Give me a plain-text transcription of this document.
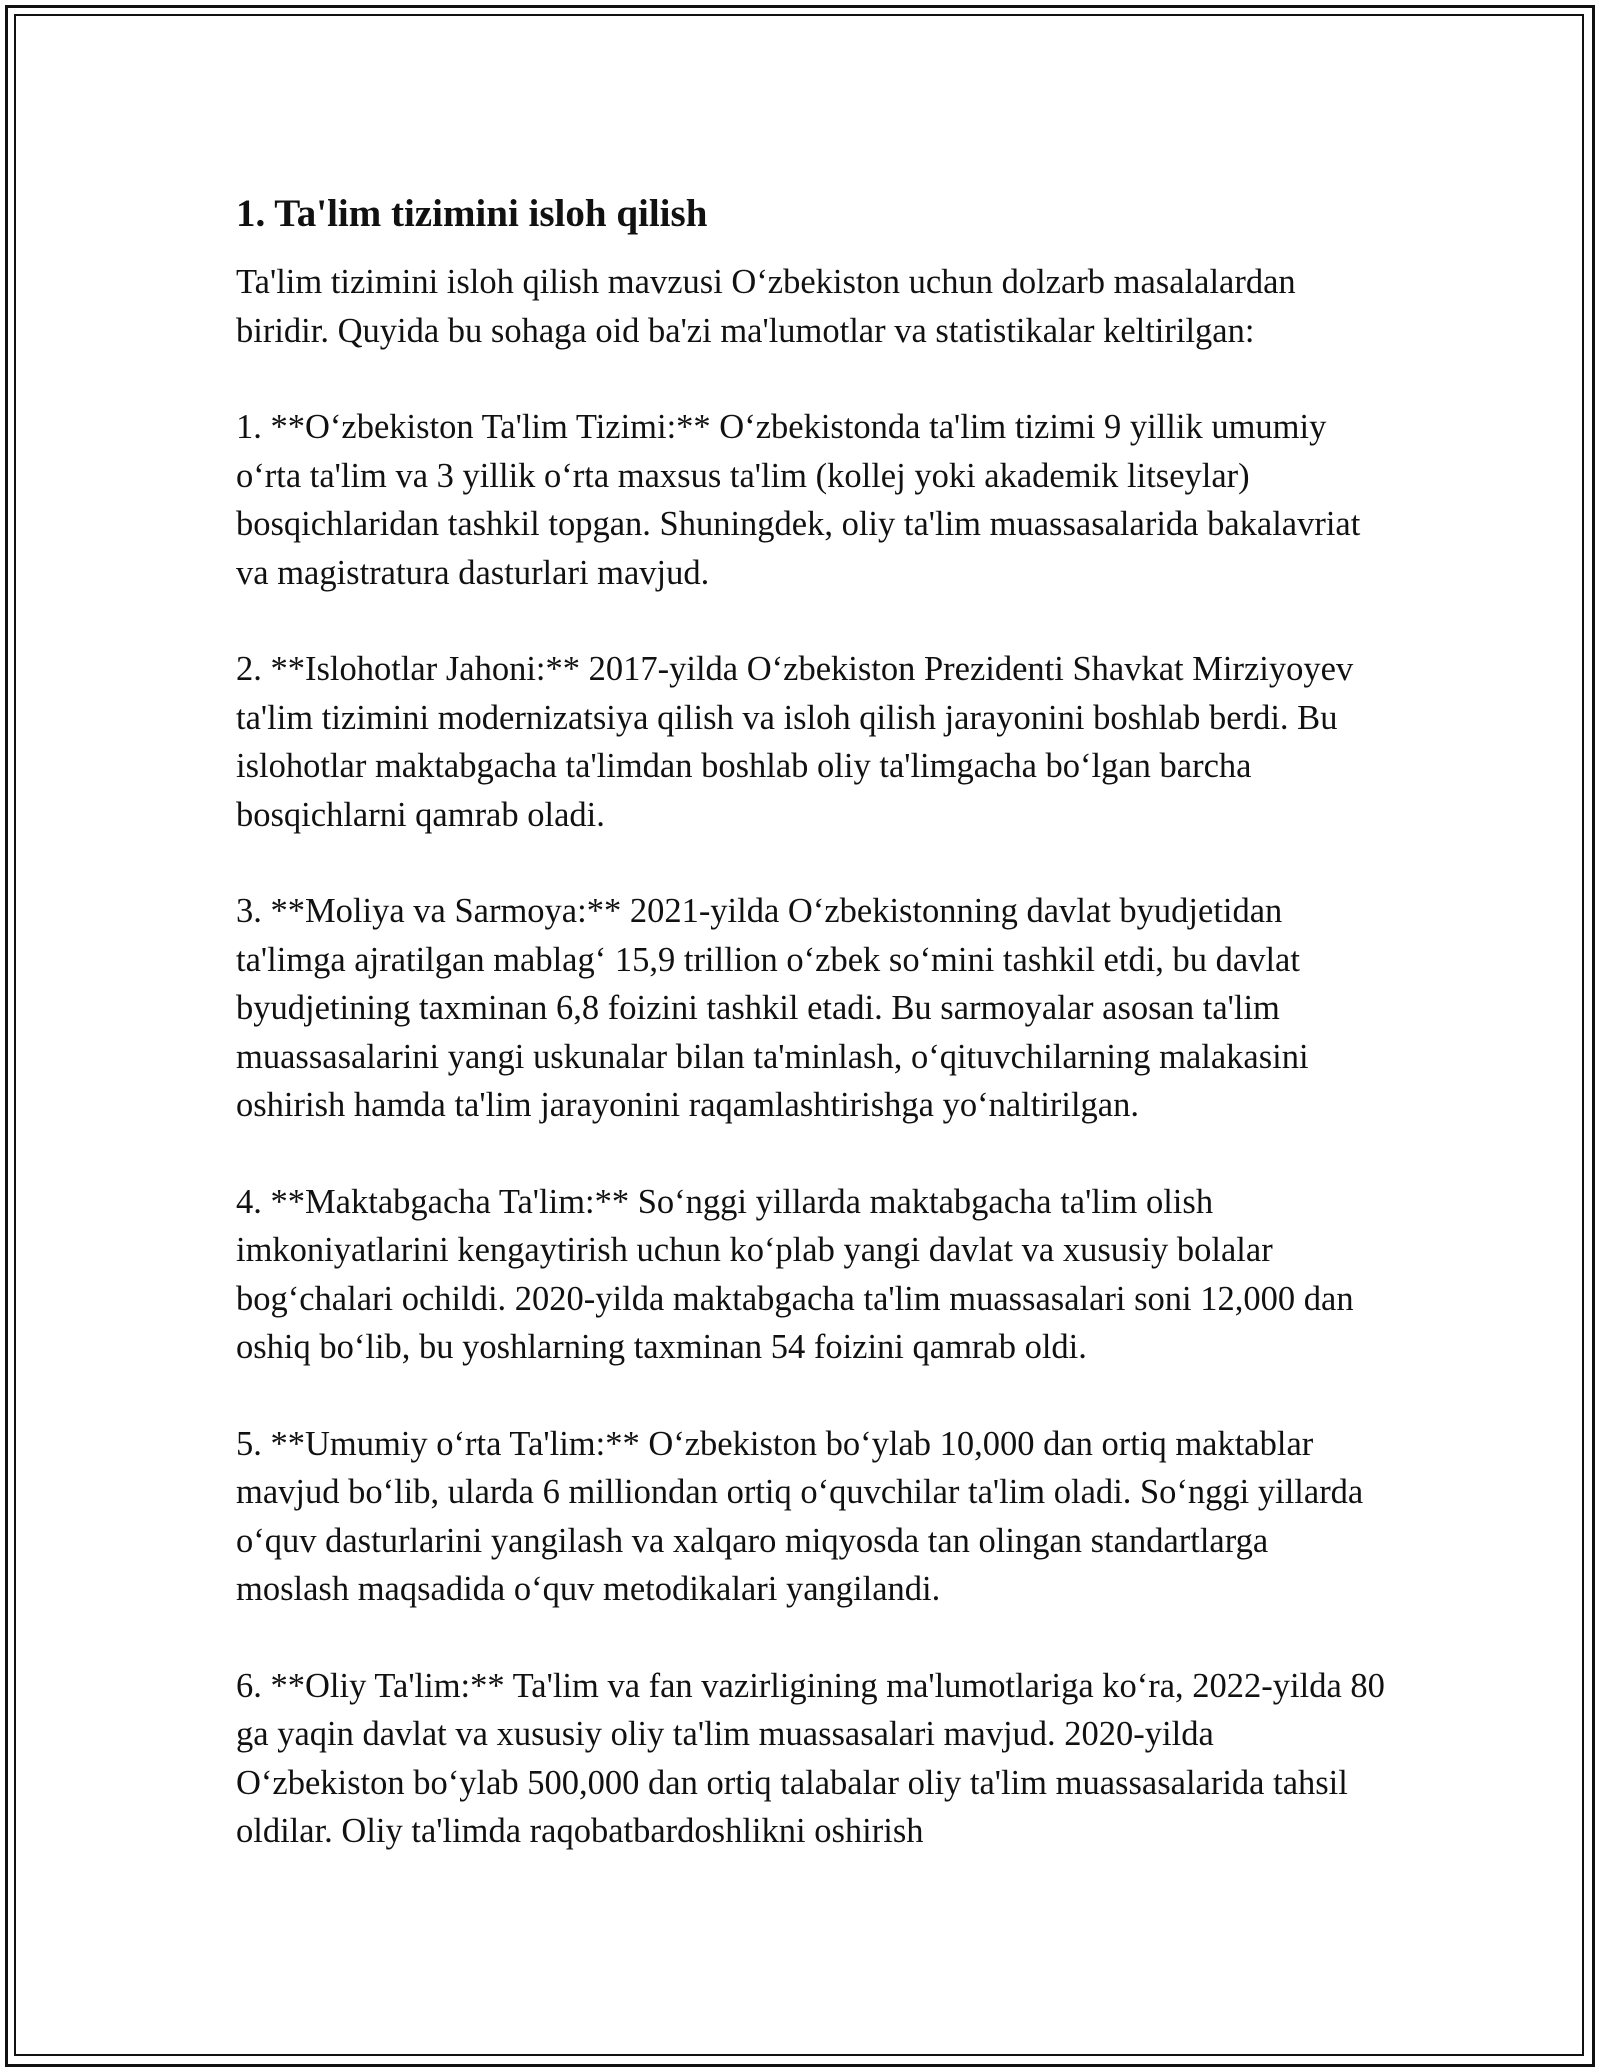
1. Ta'lim tizimini isloh qilish

Ta'lim tizimini isloh qilish mavzusi O‘zbekiston uchun dolzarb masalalardan biridir. Quyida bu sohaga oid ba'zi ma'lumotlar va statistikalar keltirilgan:

1. **O‘zbekiston Ta'lim Tizimi:** O‘zbekistonda ta'lim tizimi 9 yillik umumiy o‘rta ta'lim va 3 yillik o‘rta maxsus ta'lim (kollej yoki akademik litseylar) bosqichlaridan tashkil topgan. Shuningdek, oliy ta'lim muassasalarida bakalavriat va magistratura dasturlari mavjud.

2. **Islohotlar Jahoni:** 2017-yilda O‘zbekiston Prezidenti Shavkat Mirziyoyev ta'lim tizimini modernizatsiya qilish va isloh qilish jarayonini boshlab berdi. Bu islohotlar maktabgacha ta'limdan boshlab oliy ta'limgacha bo‘lgan barcha bosqichlarni qamrab oladi.

3. **Moliya va Sarmoya:** 2021-yilda O‘zbekistonning davlat byudjetidan ta'limga ajratilgan mablag‘ 15,9 trillion o‘zbek so‘mini tashkil etdi, bu davlat byudjetining taxminan 6,8 foizini tashkil etadi. Bu sarmoyalar asosan ta'lim muassasalarini yangi uskunalar bilan ta'minlash, o‘qituvchilarning malakasini oshirish hamda ta'lim jarayonini raqamlashtirishga yo‘naltirilgan.

4. **Maktabgacha Ta'lim:** So‘nggi yillarda maktabgacha ta'lim olish imkoniyatlarini kengaytirish uchun ko‘plab yangi davlat va xususiy bolalar bog‘chalari ochildi. 2020-yilda maktabgacha ta'lim muassasalari soni 12,000 dan oshiq bo‘lib, bu yoshlarning taxminan 54 foizini qamrab oldi.

5. **Umumiy o‘rta Ta'lim:** O‘zbekiston bo‘ylab 10,000 dan ortiq maktablar mavjud bo‘lib, ularda 6 milliondan ortiq o‘quvchilar ta'lim oladi. So‘nggi yillarda o‘quv dasturlarini yangilash va xalqaro miqyosda tan olingan standartlarga moslash maqsadida o‘quv metodikalari yangilandi.

6. **Oliy Ta'lim:** Ta'lim va fan vazirligining ma'lumotlariga ko‘ra, 2022-yilda 80 ga yaqin davlat va xususiy oliy ta'lim muassasalari mavjud. 2020-yilda O‘zbekiston bo‘ylab 500,000 dan ortiq talabalar oliy ta'lim muassasalarida tahsil oldilar. Oliy ta'limda raqobatbardoshlikni oshirish
